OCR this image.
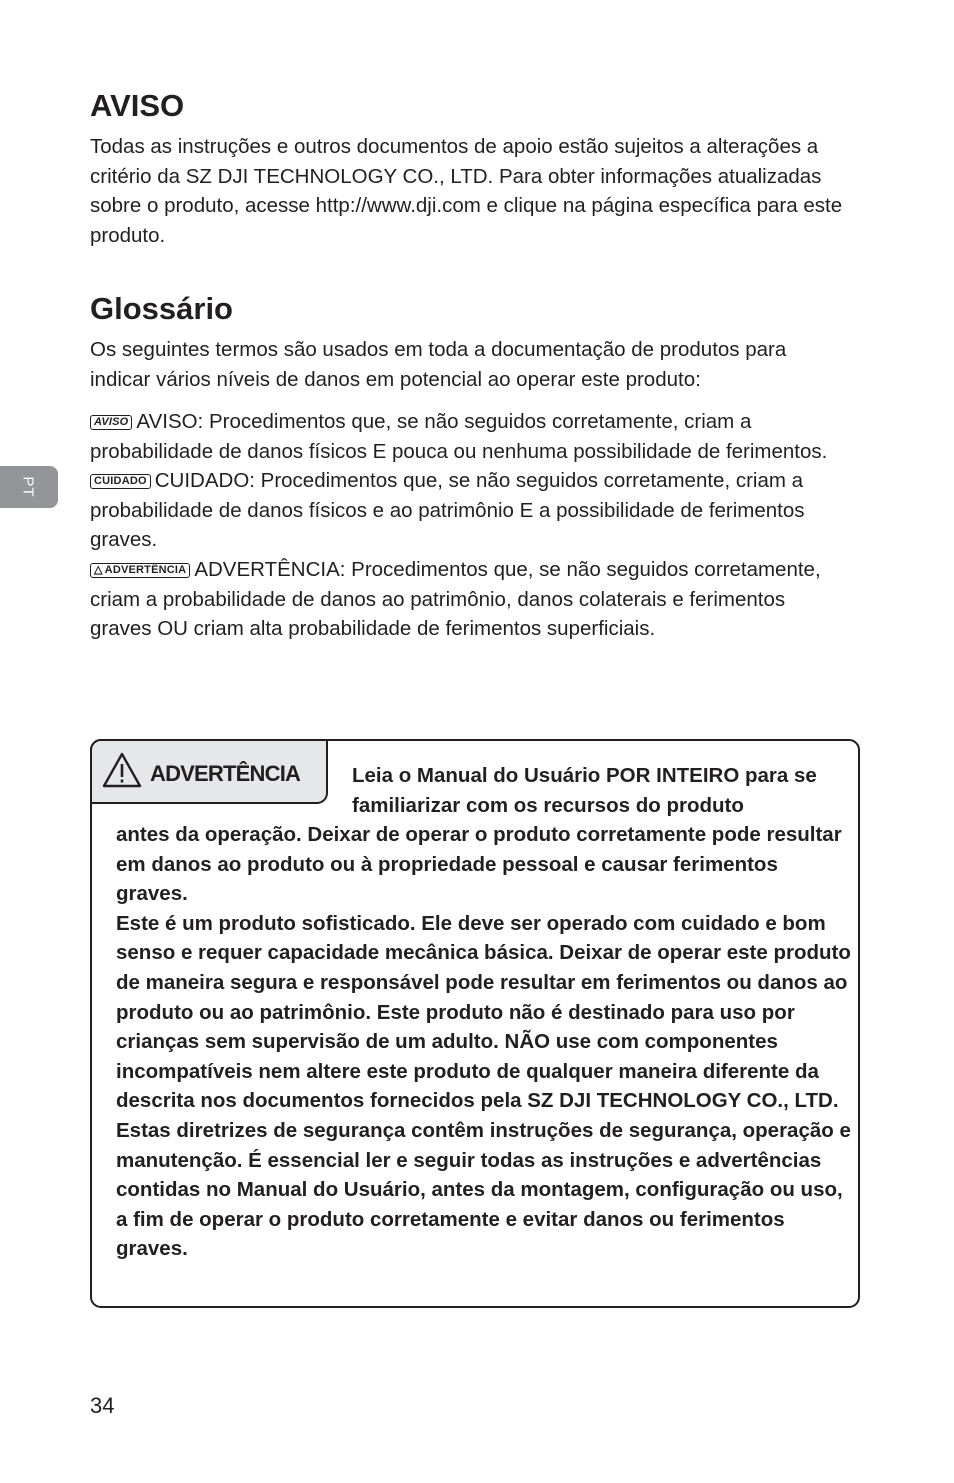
PT
AVISO

Todas as instruções e outros documentos de apoio estão sujeitos a alterações a critério da SZ DJI TECHNOLOGY CO., LTD. Para obter informações atualizadas sobre o produto, acesse http://www.dji.com e clique na página específica para este produto.

Glossário

Os seguintes termos são usados em toda a documentação de produtos para indicar vários níveis de danos em potencial ao operar este produto:

AVISO AVISO: Procedimentos que, se não seguidos corretamente, criam a probabilidade de danos físicos E pouca ou nenhuma possibilidade de ferimentos.
CUIDADO CUIDADO: Procedimentos que, se não seguidos corretamente, criam a probabilidade de danos físicos e ao patrimônio E a possibilidade de ferimentos graves.
△ ADVERTÊNCIA ADVERTÊNCIA: Procedimentos que, se não seguidos corretamente, criam a probabilidade de danos ao patrimônio, danos colaterais e ferimentos graves OU criam alta probabilidade de ferimentos superficiais.
ADVERTÊNCIA	Leia o Manual do Usuário POR INTEIRO para se familiarizar com os recursos do produto

antes da operação. Deixar de operar o produto corretamente pode resultar em danos ao produto ou à propriedade pessoal e causar ferimentos graves.

Este é um produto sofisticado. Ele deve ser operado com cuidado e bom senso e requer capacidade mecânica básica. Deixar de operar este produto de maneira segura e responsável pode resultar em ferimentos ou danos ao produto ou ao patrimônio. Este produto não é destinado para uso por crianças sem supervisão de um adulto. NÃO use com componentes incompatíveis nem altere este produto de qualquer maneira diferente da descrita nos documentos fornecidos pela SZ DJI TECHNOLOGY CO., LTD. Estas diretrizes de segurança contêm instruções de segurança, operação e manutenção. É essencial ler e seguir todas as instruções e advertências contidas no Manual do Usuário, antes da montagem, configuração ou uso, a fim de operar o produto corretamente e evitar danos ou ferimentos graves.

34
